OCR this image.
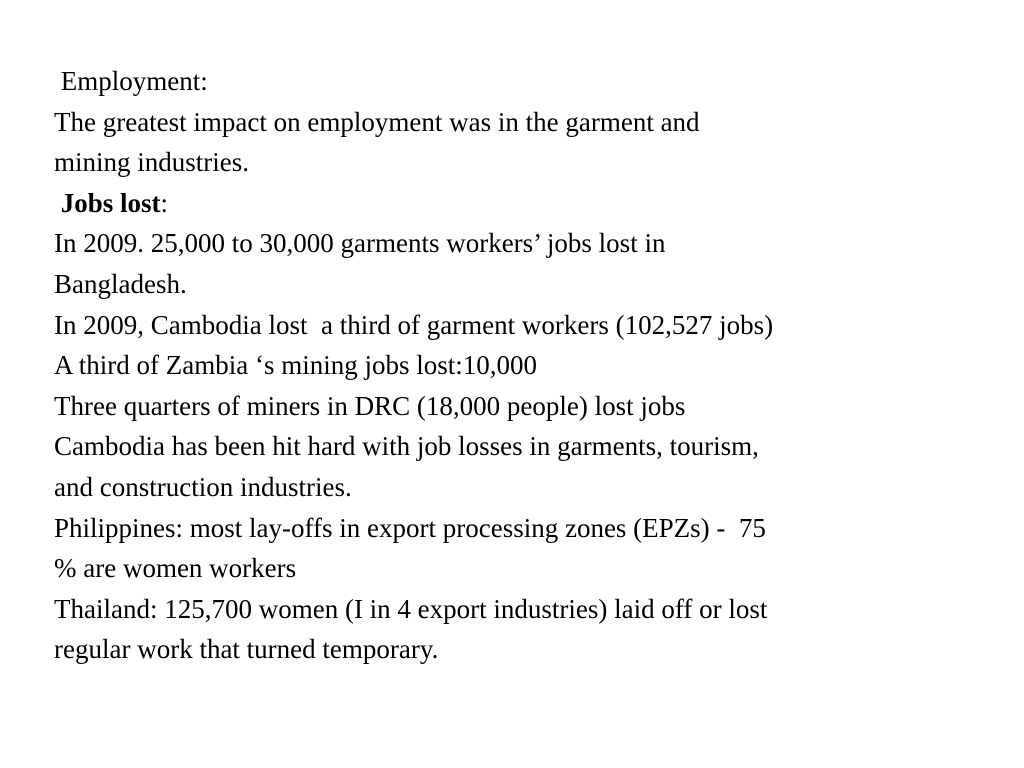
Employment:
The greatest impact on employment was in the garment and
mining industries.
Jobs lost:
In 2009. 25,000 to 30,000 garments workers’ jobs lost in
Bangladesh.
In 2009, Cambodia lost  a third of garment workers (102,527 jobs)
A third of Zambia ‘s mining jobs lost:10,000
Three quarters of miners in DRC (18,000 people) lost jobs
Cambodia has been hit hard with job losses in garments, tourism,
and construction industries.
Philippines: most lay-offs in export processing zones (EPZs) -  75
% are women workers
Thailand: 125,700 women (I in 4 export industries) laid off or lost
regular work that turned temporary.
